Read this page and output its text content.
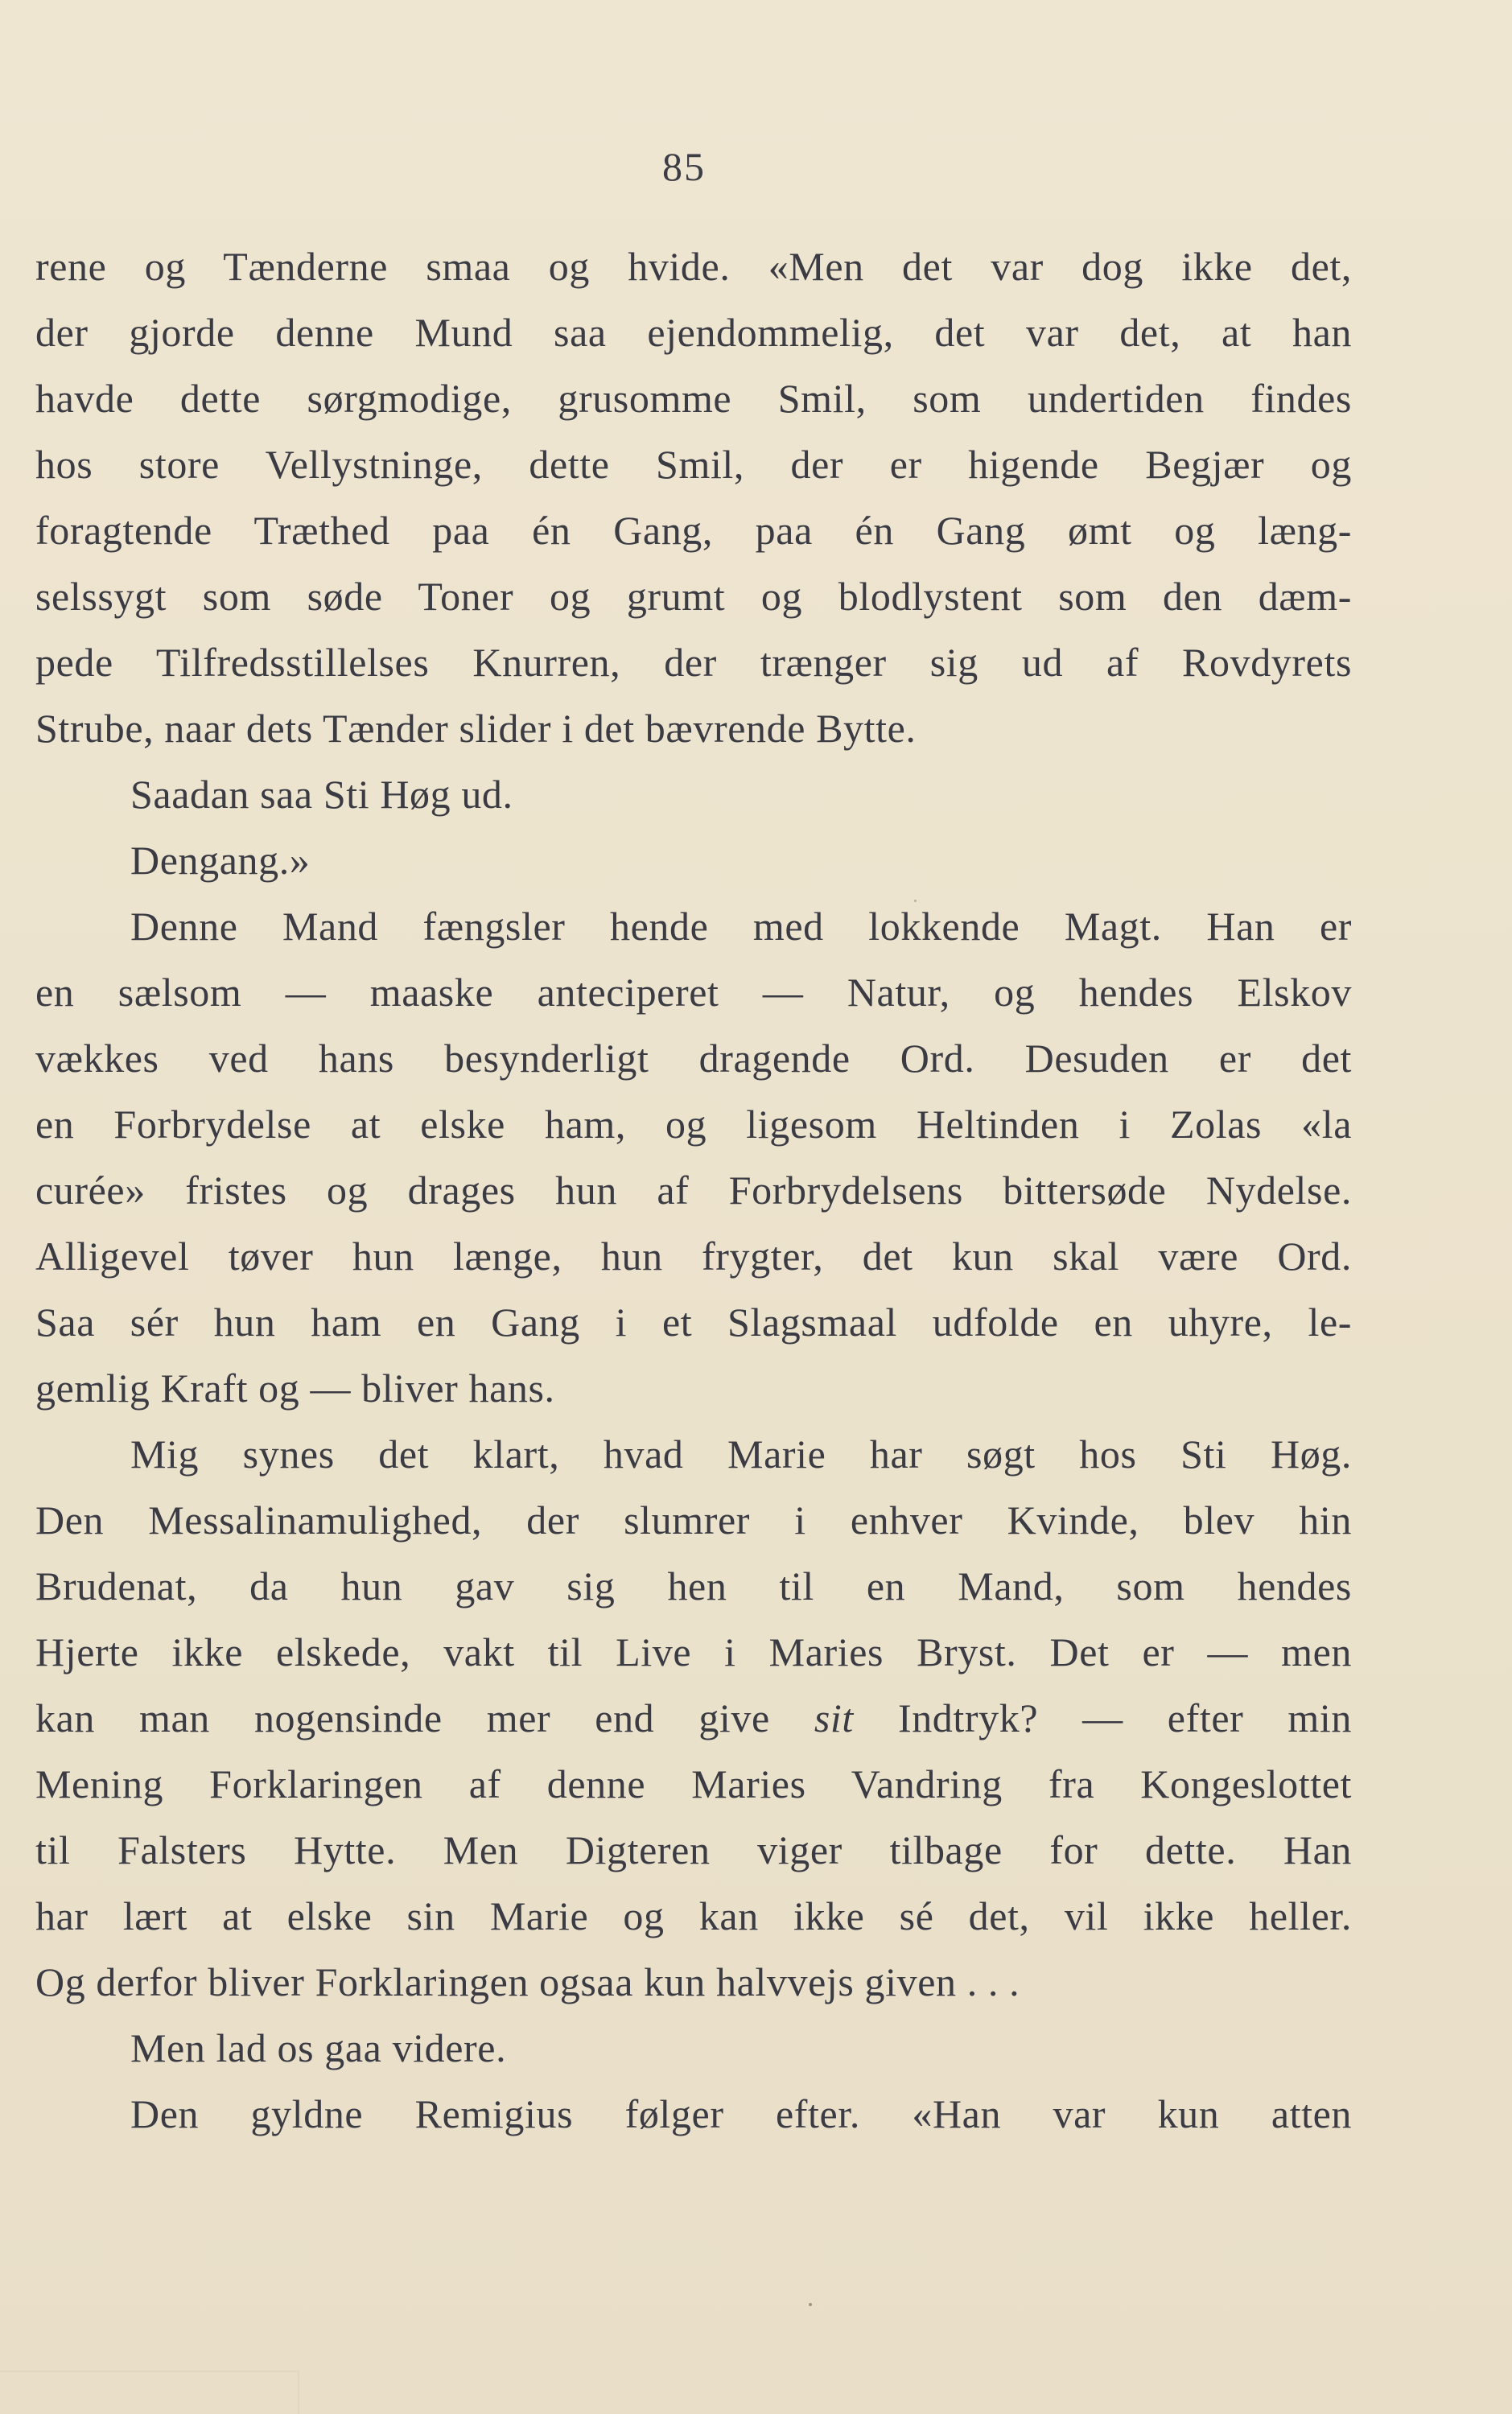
85
rene og Tænderne smaa og hvide. «Men det var dog ikke det,
der gjorde denne Mund saa ejendommelig, det var det, at han
havde dette sørgmodige, grusomme Smil, som undertiden findes
hos store Vellystninge, dette Smil, der er higende Begjær og
foragtende Træthed paa én Gang, paa én Gang ømt og læng-
selssygt som søde Toner og grumt og blodlystent som den dæm-
pede Tilfredsstillelses Knurren, der trænger sig ud af Rovdyrets
Strube, naar dets Tænder slider i det bævrende Bytte.
Saadan saa Sti Høg ud.
Dengang.»
Denne Mand fængsler hende med lokkende Magt. Han er
en sælsom — maaske anteciperet — Natur, og hendes Elskov
vækkes ved hans besynderligt dragende Ord. Desuden er det
en Forbrydelse at elske ham, og ligesom Heltinden i Zolas «la
curée» fristes og drages hun af Forbrydelsens bittersøde Nydelse.
Alligevel tøver hun længe, hun frygter, det kun skal være Ord.
Saa sér hun ham en Gang i et Slagsmaal udfolde en uhyre, le-
gemlig Kraft og — bliver hans.
Mig synes det klart, hvad Marie har søgt hos Sti Høg.
Den Messalinamulighed, der slumrer i enhver Kvinde, blev hin
Brudenat, da hun gav sig hen til en Mand, som hendes
Hjerte ikke elskede, vakt til Live i Maries Bryst. Det er — men
kan man nogensinde mer end give sit Indtryk? — efter min
Mening Forklaringen af denne Maries Vandring fra Kongeslottet
til Falsters Hytte. Men Digteren viger tilbage for dette. Han
har lært at elske sin Marie og kan ikke sé det, vil ikke heller.
Og derfor bliver Forklaringen ogsaa kun halvvejs given . . .
Men lad os gaa videre.
Den gyldne Remigius følger efter. «Han var kun atten
